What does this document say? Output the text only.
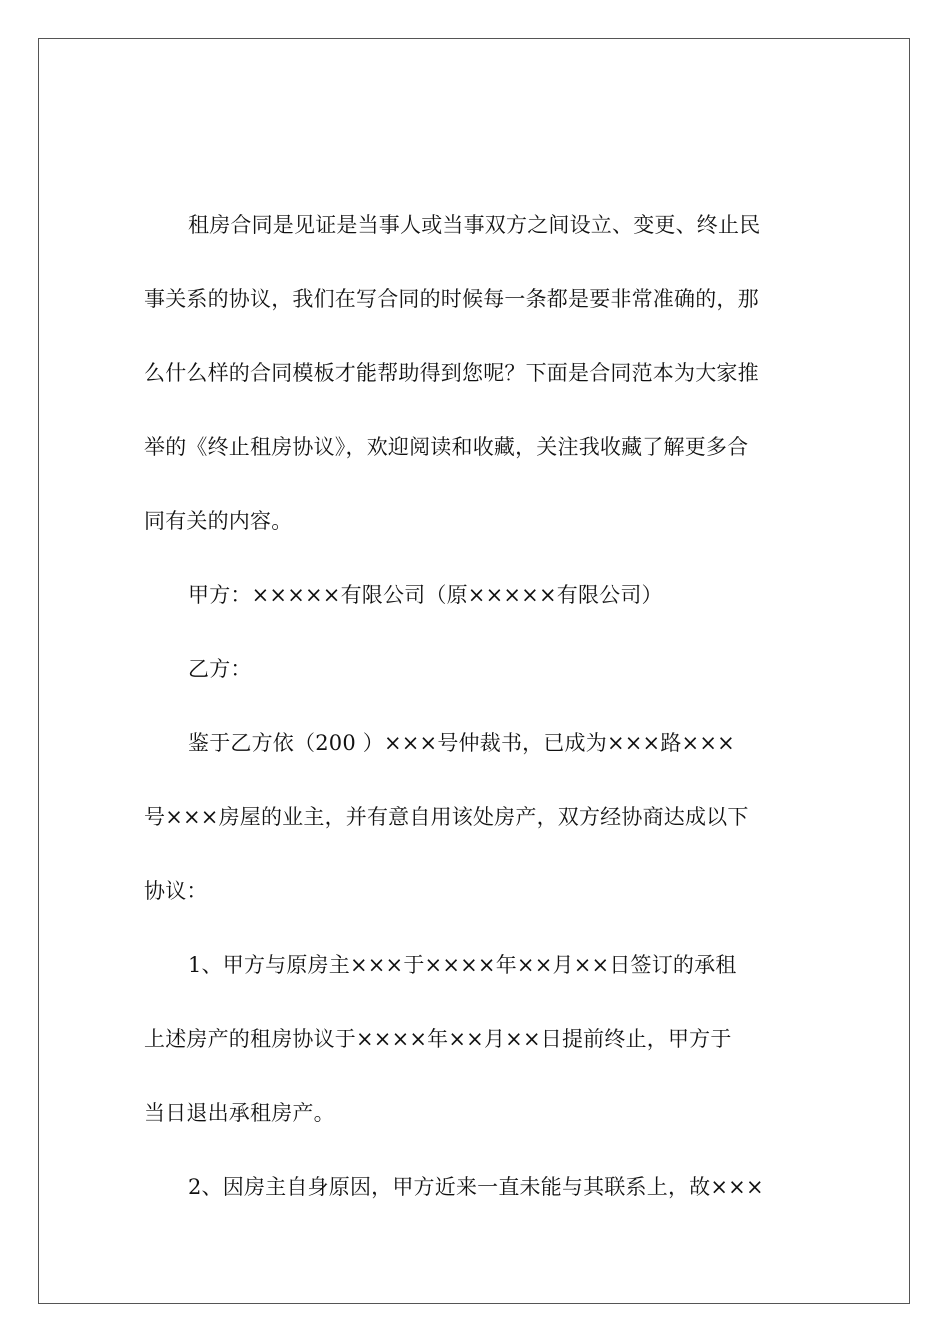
租房合同是见证是当事人或当事双方之间设立、变更、终止民
事关系的协议，我们在写合同的时候每一条都是要非常准确的，那
么什么样的合同模板才能帮助得到您呢？下面是合同范本为大家推
举的《终止租房协议》，欢迎阅读和收藏，关注我收藏了解更多合
同有关的内容。
甲方：×××××有限公司（原×××××有限公司）
乙方：
鉴于乙方依（200 ）×××号仲裁书，已成为×××路×××
号×××房屋的业主，并有意自用该处房产，双方经协商达成以下
协议：
1、甲方与原房主×××于××××年××月××日签订的承租
上述房产的租房协议于××××年××月××日提前终止，甲方于
当日退出承租房产。
2、因房主自身原因，甲方近来一直未能与其联系上，故×××
